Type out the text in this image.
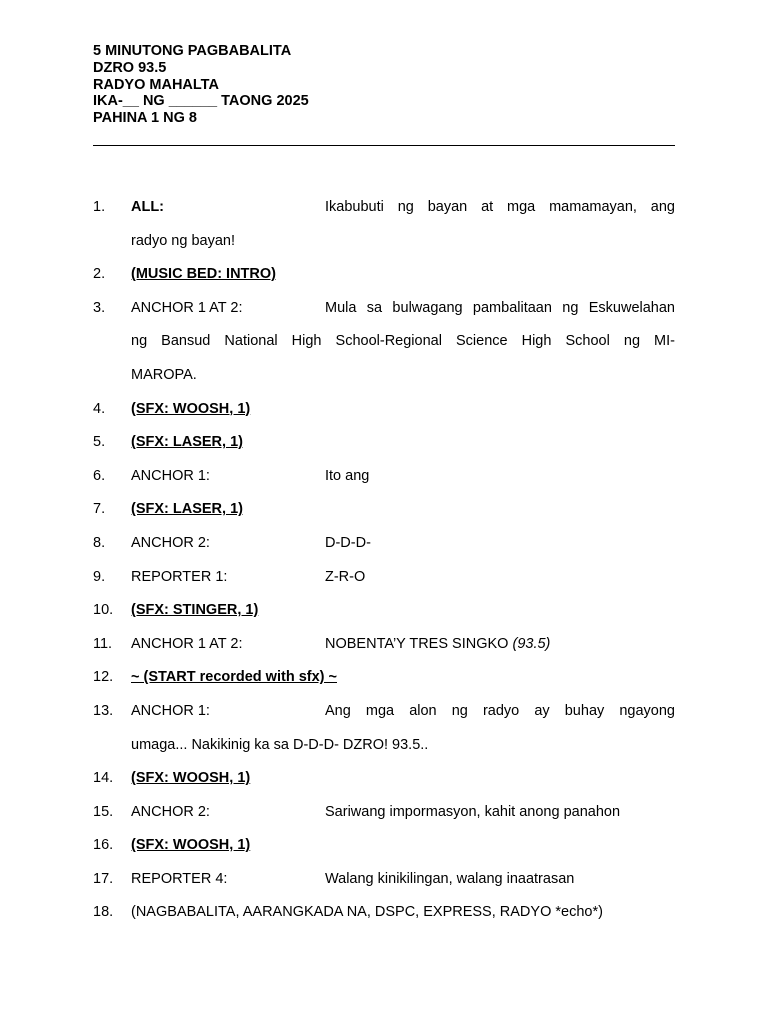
5 MINUTONG PAGBABALITA
DZRO 93.5
RADYO MAHALTA
IKA-__ NG ______ TAONG 2025
PAHINA 1 NG 8
1. ALL:	Ikabubuti ng bayan at mga mamamayan, ang
radyo ng bayan!
2. (MUSIC BED: INTRO)
3. ANCHOR 1 AT 2:	Mula sa bulwagang pambalitaan ng Eskuwelahan
ng Bansud National High School-Regional Science High School ng MI-
MAROPA.
4. (SFX: WOOSH, 1)
5. (SFX: LASER, 1)
6. ANCHOR 1:	Ito ang
7. (SFX: LASER, 1)
8. ANCHOR 2:	D-D-D-
9. REPORTER 1:	Z-R-O
10. (SFX: STINGER, 1)
11. ANCHOR 1 AT 2:	NOBENTA’Y TRES SINGKO (93.5)
12. ~ (START recorded with sfx) ~
13. ANCHOR 1:	Ang mga alon ng radyo ay buhay ngayong
umaga... Nakikinig ka sa D-D-D- DZRO! 93.5..
14. (SFX: WOOSH, 1)
15. ANCHOR 2:	Sariwang impormasyon, kahit anong panahon
16. (SFX: WOOSH, 1)
17. REPORTER 4:	Walang kinikilingan, walang inaatrasan
18. (NAGBABALITA, AARANGKADA NA, DSPC, EXPRESS, RADYO *echo*)
